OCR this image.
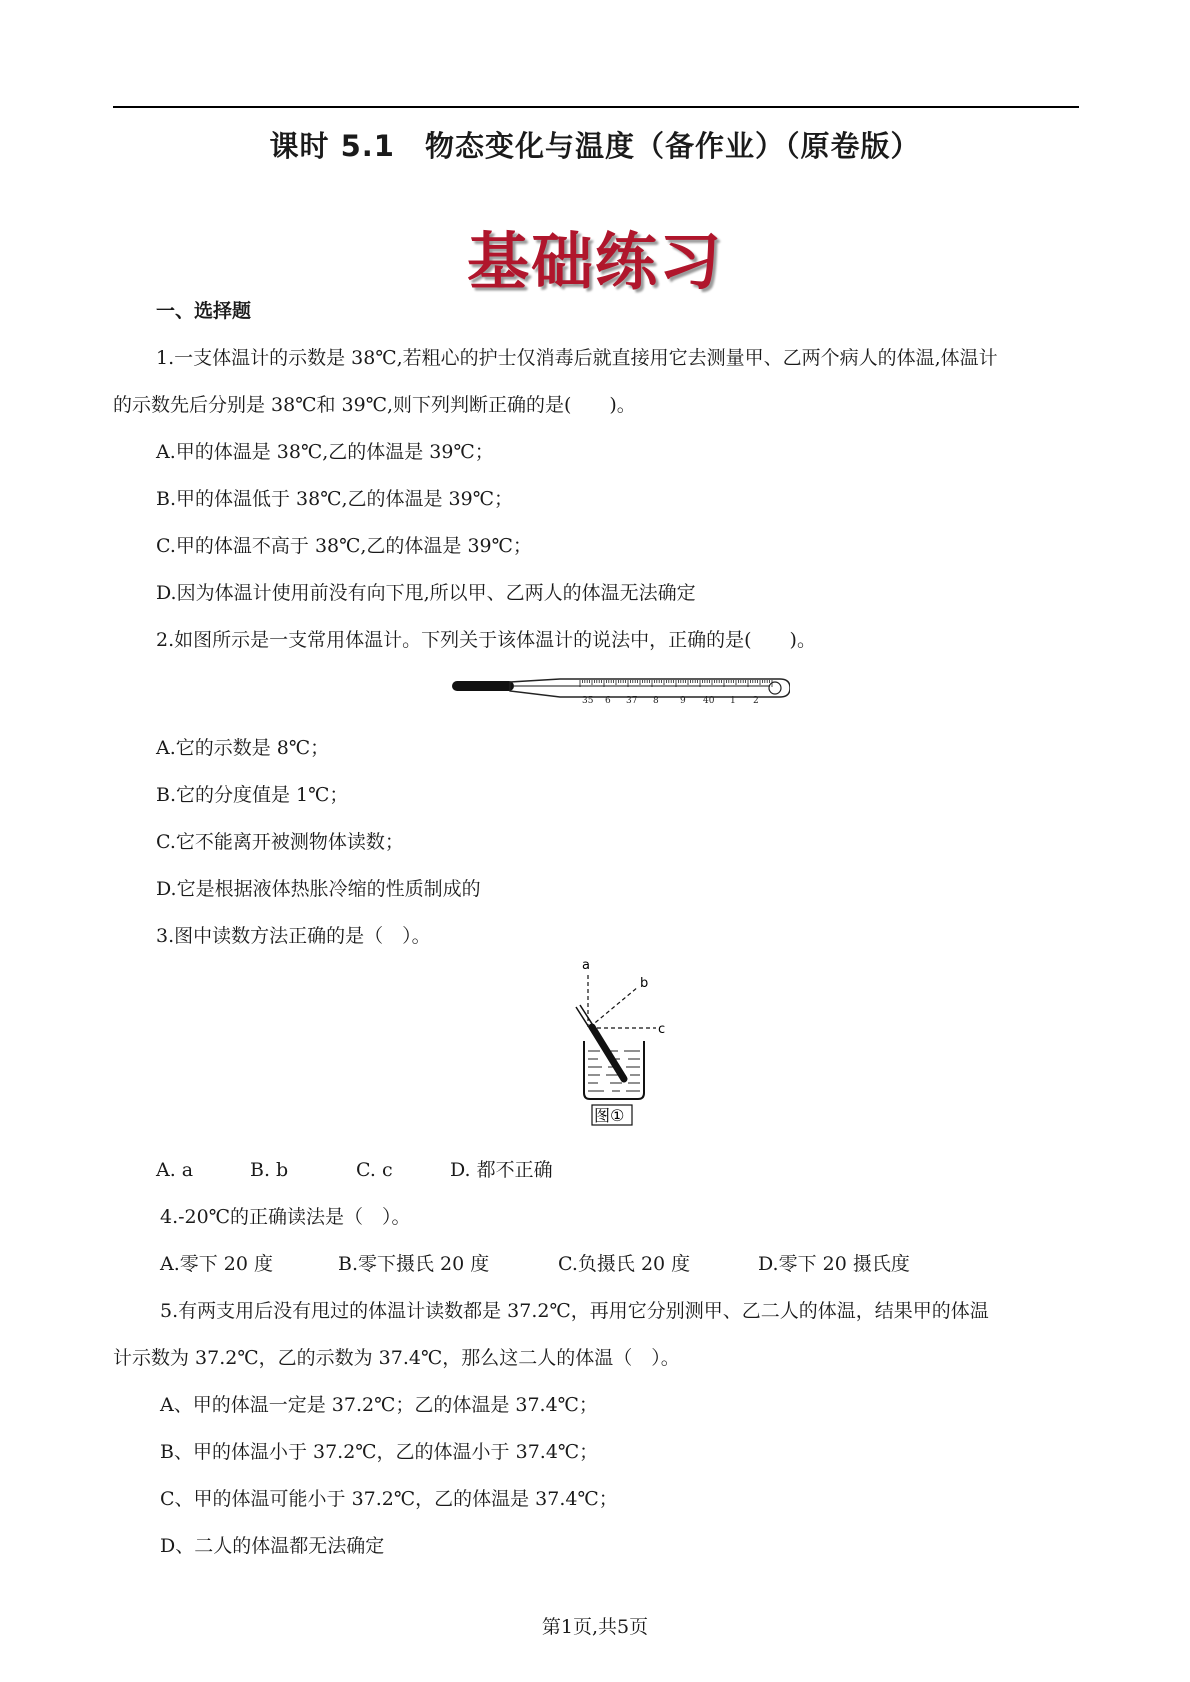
课时 5.1　物态变化与温度（备作业）（原卷版）
基础练习
一、选择题
1.一支体温计的示数是 38℃,若粗心的护士仅消毒后就直接用它去测量甲、乙两个病人的体温,体温计
的示数先后分别是 38℃和 39℃,则下列判断正确的是(　　)。
A.甲的体温是 38℃,乙的体温是 39℃；
B.甲的体温低于 38℃,乙的体温是 39℃；
C.甲的体温不高于 38℃,乙的体温是 39℃；
D.因为体温计使用前没有向下甩,所以甲、乙两人的体温无法确定
2.如图所示是一支常用体温计。下列关于该体温计的说法中，正确的是(　　)。
35 6 37 8 9 40 1 2
A.它的示数是 8℃；
B.它的分度值是 1℃；
C.它不能离开被测物体读数；
D.它是根据液体热胀冷缩的性质制成的
3.图中读数方法正确的是（　）。
a
b
c
图①
A. a	B. b	C. c	D. 都不正确
4.-20℃的正确读法是（　）。
A.零下 20 度	B.零下摄氏 20 度	C.负摄氏 20 度	D.零下 20 摄氏度
5.有两支用后没有甩过的体温计读数都是 37.2℃，再用它分别测甲、乙二人的体温，结果甲的体温
计示数为 37.2℃，乙的示数为 37.4℃，那么这二人的体温（　）。
A、甲的体温一定是 37.2℃；乙的体温是 37.4℃；
B、甲的体温小于 37.2℃，乙的体温小于 37.4℃；
C、甲的体温可能小于 37.2℃，乙的体温是 37.4℃；
D、二人的体温都无法确定
第1页,共5页
